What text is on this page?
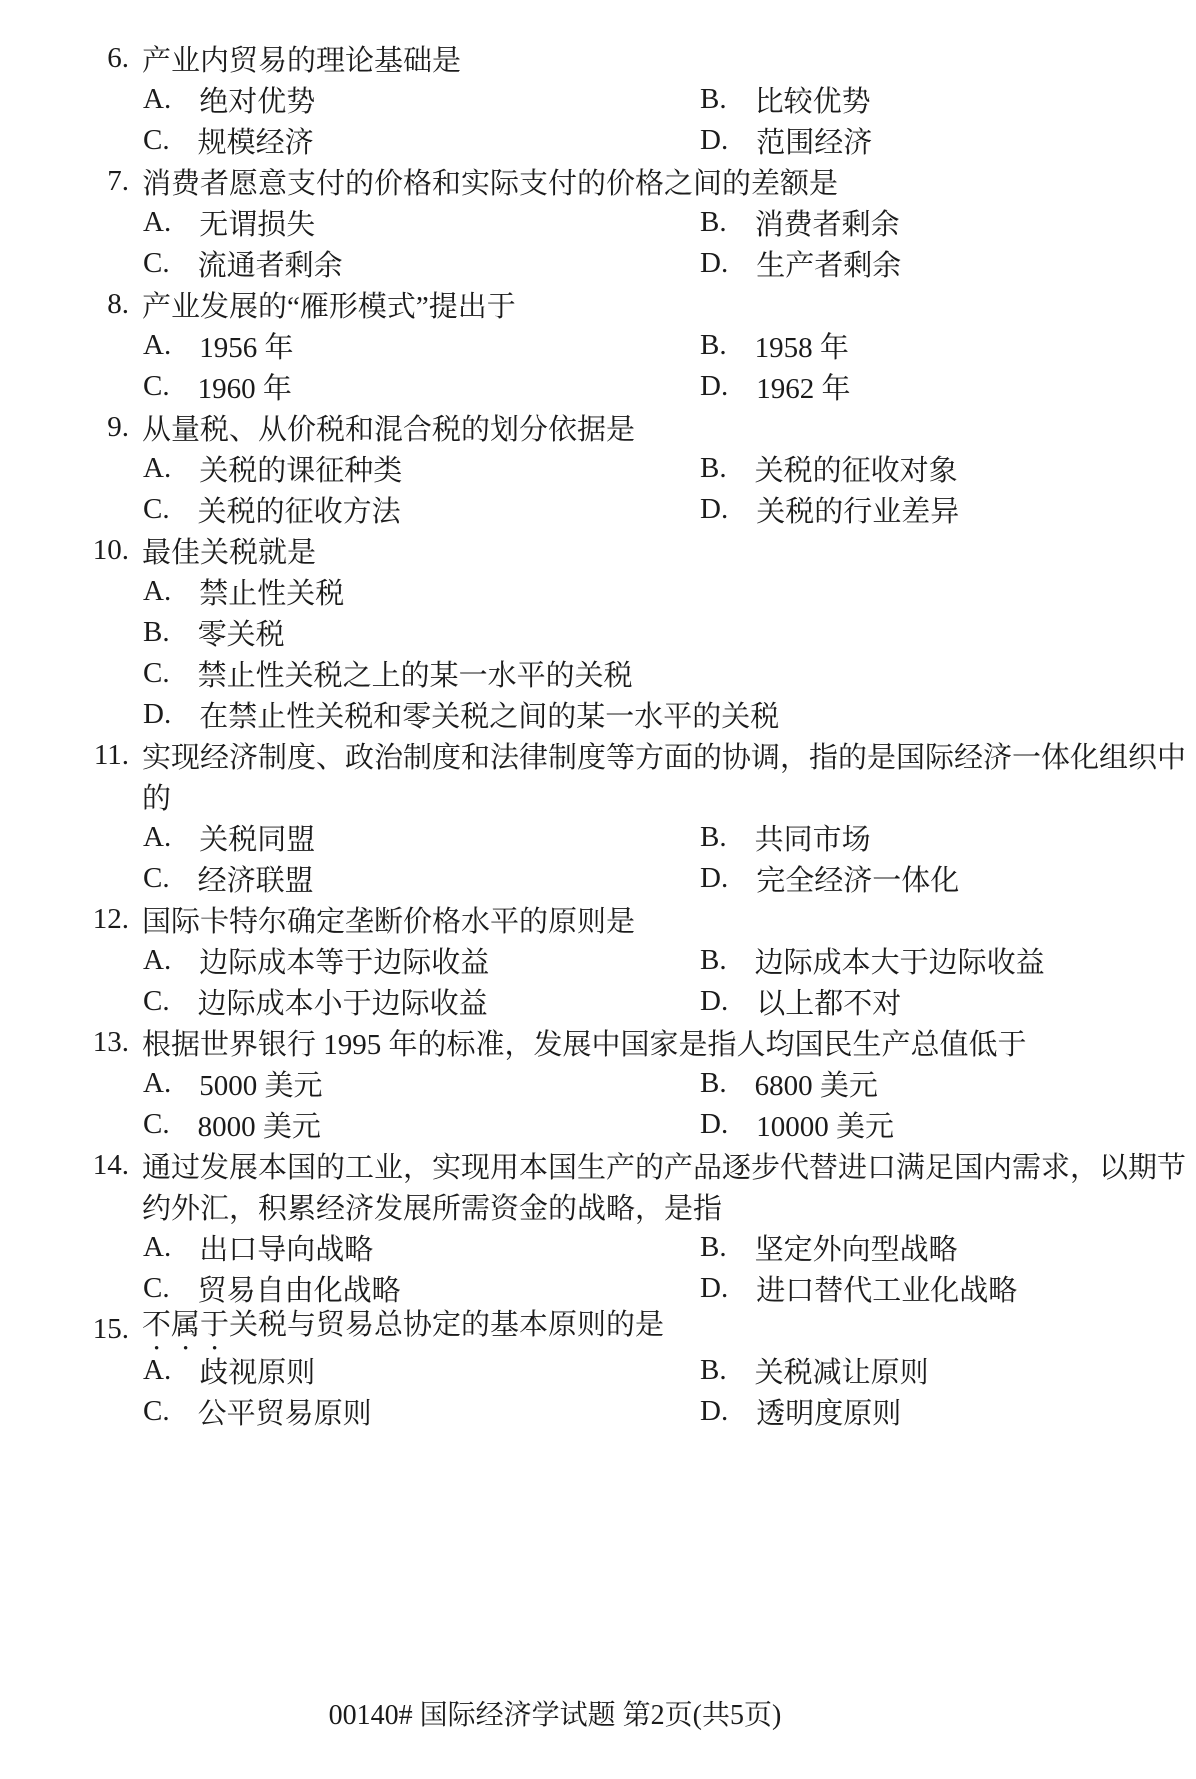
6. 产业内贸易的理论基础是
A. 绝对优势	B. 比较优势
C. 规模经济	D. 范围经济
7. 消费者愿意支付的价格和实际支付的价格之间的差额是
A. 无谓损失	B. 消费者剩余
C. 流通者剩余	D. 生产者剩余
8. 产业发展的“雁形模式”提出于
A. 1956 年	B. 1958 年
C. 1960 年	D. 1962 年
9. 从量税、从价税和混合税的划分依据是
A. 关税的课征种类	B. 关税的征收对象
C. 关税的征收方法	D. 关税的行业差异
10. 最佳关税就是
A. 禁止性关税
B. 零关税
C. 禁止性关税之上的某一水平的关税
D. 在禁止性关税和零关税之间的某一水平的关税
11. 实现经济制度、政治制度和法律制度等方面的协调，指的是国际经济一体化组织中
的
A. 关税同盟	B. 共同市场
C. 经济联盟	D. 完全经济一体化
12. 国际卡特尔确定垄断价格水平的原则是
A. 边际成本等于边际收益	B. 边际成本大于边际收益
C. 边际成本小于边际收益	D. 以上都不对
13. 根据世界银行 1995 年的标准，发展中国家是指人均国民生产总值低于
A. 5000 美元	B. 6800 美元
C. 8000 美元	D. 10000 美元
14. 通过发展本国的工业，实现用本国生产的产品逐步代替进口满足国内需求，以期节
约外汇，积累经济发展所需资金的战略，是指
A. 出口导向战略	B. 坚定外向型战略
C. 贸易自由化战略	D. 进口替代工业化战略
15. 不属于关税与贸易总协定的基本原则的是
A. 歧视原则	B. 关税减让原则
C. 公平贸易原则	D. 透明度原则
00140# 国际经济学试题 第2页(共5页)
